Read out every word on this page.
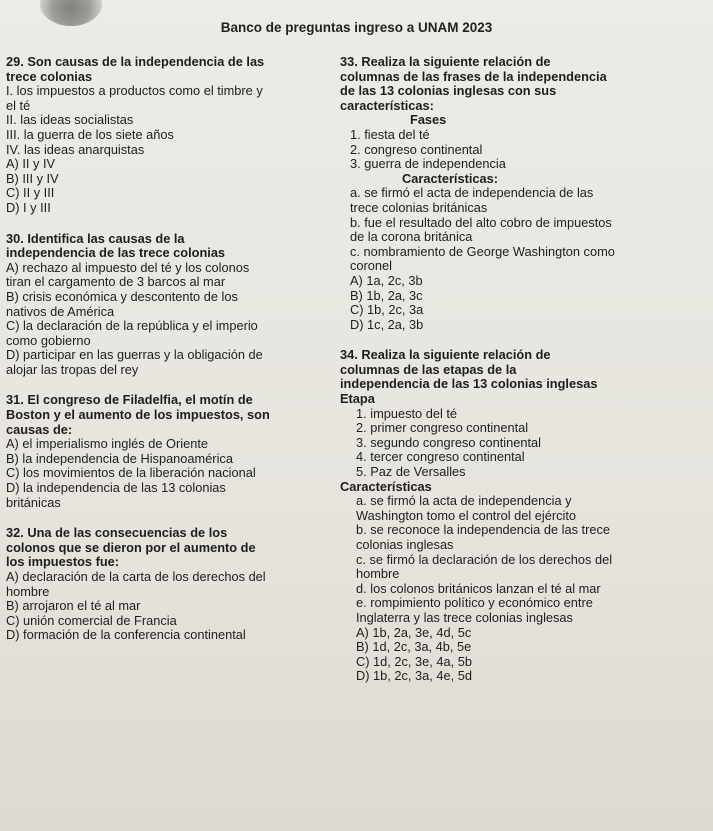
Banco de preguntas ingreso a UNAM 2023
29. Son causas de la independencia de las
trece colonias
I. los impuestos a productos como el timbre y
el té
II. las ideas socialistas
III. la guerra de los siete años
IV. las ideas anarquistas
A) II y IV
B) III y IV
C) II y III
D) I y III
30. Identifica las causas de la
independencia de las trece colonias
A) rechazo al impuesto del té y los colonos
tiran el cargamento de 3 barcos al mar
B) crisis económica y descontento de los
nativos de América
C) la declaración de la república y el imperio
como gobierno
D) participar en las guerras y la obligación de
alojar las tropas del rey
31. El congreso de Filadelfia, el motín de
Boston y el aumento de los impuestos, son
causas de:
A) el imperialismo inglés de Oriente
B) la independencia de Hispanoamérica
C) los movimientos de la liberación nacional
D) la independencia de las 13 colonias
británicas
32. Una de las consecuencias de los
colonos que se dieron por el aumento de
los impuestos fue:
A) declaración de la carta de los derechos del
hombre
B) arrojaron el té al mar
C) unión comercial de Francia
D) formación de la conferencia continental
33. Realiza la siguiente relación de
columnas de las frases de la independencia
de las 13 colonias inglesas con sus
características:
Fases
1. fiesta del té
2. congreso continental
3. guerra de independencia
Características:
a. se firmó el acta de independencia de las
trece colonias británicas
b. fue el resultado del alto cobro de impuestos
de la corona británica
c. nombramiento de George Washington como
coronel
A) 1a, 2c, 3b
B) 1b, 2a, 3c
C) 1b, 2c, 3a
D) 1c, 2a, 3b
34. Realiza la siguiente relación de
columnas de las etapas de la
independencia de las 13 colonias inglesas
Etapa
1. impuesto del té
2. primer congreso continental
3. segundo congreso continental
4. tercer congreso continental
5. Paz de Versalles
Características
a. se firmó la acta de independencia y
Washington tomo el control del ejército
b. se reconoce la independencia de las trece
colonias inglesas
c. se firmó la declaración de los derechos del
hombre
d. los colonos británicos lanzan el té al mar
e. rompimiento político y económico entre
Inglaterra y las trece colonias inglesas
A) 1b, 2a, 3e, 4d, 5c
B) 1d, 2c, 3a, 4b, 5e
C) 1d, 2c, 3e, 4a, 5b
D) 1b, 2c, 3a, 4e, 5d
